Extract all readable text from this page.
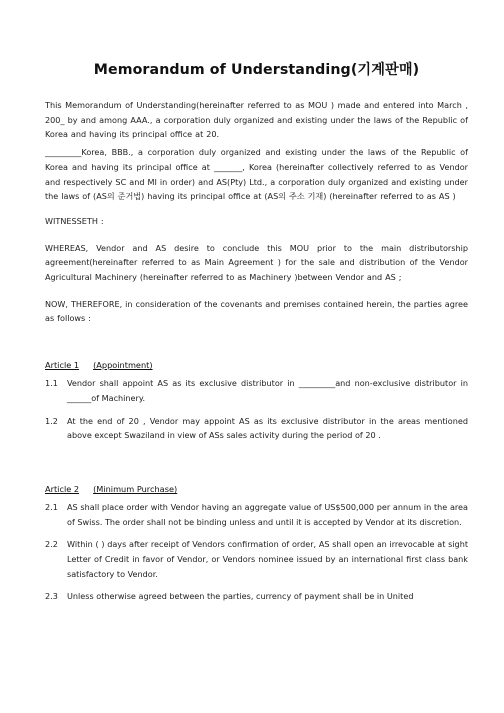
Memorandum of Understanding(기계판매)

This Memorandum of Understanding(hereinafter referred to as MOU ) made and entered into March , 200_ by and among AAA., a corporation duly organized and existing under the laws of the Republic of Korea and having its principal office at 20.

_________Korea, BBB., a corporation duly organized and existing under the laws of the Republic of Korea and having its principal office at _______, Korea (hereinafter collectively referred to as Vendor and respectively SC and MI in order) and AS(Pty) Ltd., a corporation duly organized and existing under the laws of (AS의 준거법) having its principal office at (AS의 주소 기재) (hereinafter referred to as AS )

WITNESSETH :

WHEREAS, Vendor and AS desire to conclude this MOU prior to the main distributorship agreement(hereinafter referred to as Main Agreement ) for the sale and distribution of the Vendor Agricultural Machinery (hereinafter referred to as Machinery )between Vendor and AS ;

NOW, THEREFORE, in consideration of the covenants and premises contained herein, the parties agree as follows :

Article 1 (Appointment)

1.1	Vendor shall appoint AS as its exclusive distributor in _________and non-exclusive distributor in ______of Machinery.
1.2	At the end of 20 , Vendor may appoint AS as its exclusive distributor in the areas mentioned above except Swaziland in view of ASs sales activity during the period of 20 .

Article 2 (Minimum Purchase)

2.1	AS shall place order with Vendor having an aggregate value of US$500,000 per annum in the area of Swiss. The order shall not be binding unless and until it is accepted by Vendor at its discretion.
2.2	Within ( ) days after receipt of Vendors confirmation of order, AS shall open an irrevocable at sight Letter of Credit in favor of Vendor, or Vendors nominee issued by an international first class bank satisfactory to Vendor.
2.3	Unless otherwise agreed between the parties, currency of payment shall be in United
